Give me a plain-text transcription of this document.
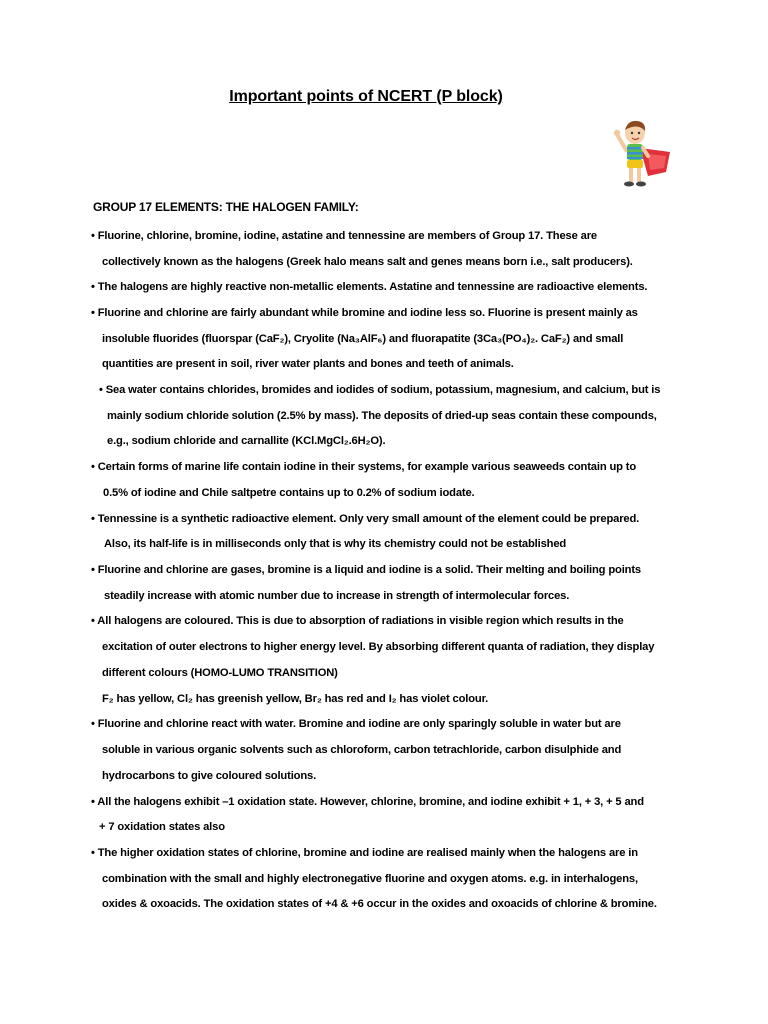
Important points of NCERT (P block)
GROUP 17 ELEMENTS: THE HALOGEN FAMILY:
• Fluorine, chlorine, bromine, iodine, astatine and tennessine are members of Group 17. These are
collectively known as the halogens (Greek halo means salt and genes means born i.e., salt producers).
• The halogens are highly reactive non-metallic elements. Astatine and tennessine are radioactive elements.
• Fluorine and chlorine are fairly abundant while bromine and iodine less so. Fluorine is present mainly as
insoluble fluorides (fluorspar (CaF₂), Cryolite (Na₃AlF₆) and fluorapatite (3Ca₃(PO₄)₂. CaF₂) and small
quantities are present in soil, river water plants and bones and teeth of animals.
• Sea water contains chlorides, bromides and iodides of sodium, potassium, magnesium, and calcium, but is
mainly sodium chloride solution (2.5% by mass). The deposits of dried-up seas contain these compounds,
e.g., sodium chloride and carnallite (KCl.MgCl₂.6H₂O).
• Certain forms of marine life contain iodine in their systems, for example various seaweeds contain up to
0.5% of iodine and Chile saltpetre contains up to 0.2% of sodium iodate.
• Tennessine is a synthetic radioactive element. Only very small amount of the element could be prepared.
Also, its half-life is in milliseconds only that is why its chemistry could not be established
• Fluorine and chlorine are gases, bromine is a liquid and iodine is a solid. Their melting and boiling points
steadily increase with atomic number due to increase in strength of intermolecular forces.
• All halogens are coloured. This is due to absorption of radiations in visible region which results in the
excitation of outer electrons to higher energy level. By absorbing different quanta of radiation, they display
different colours (HOMO-LUMO TRANSITION)
F₂ has yellow, Cl₂ has greenish yellow, Br₂ has red and I₂ has violet colour.
• Fluorine and chlorine react with water. Bromine and iodine are only sparingly soluble in water but are
soluble in various organic solvents such as chloroform, carbon tetrachloride, carbon disulphide and
hydrocarbons to give coloured solutions.
• All the halogens exhibit –1 oxidation state. However, chlorine, bromine, and iodine exhibit + 1, + 3, + 5 and
+ 7 oxidation states also
• The higher oxidation states of chlorine, bromine and iodine are realised mainly when the halogens are in
combination with the small and highly electronegative fluorine and oxygen atoms. e.g. in interhalogens,
oxides & oxoacids. The oxidation states of +4 & +6 occur in the oxides and oxoacids of chlorine & bromine.
